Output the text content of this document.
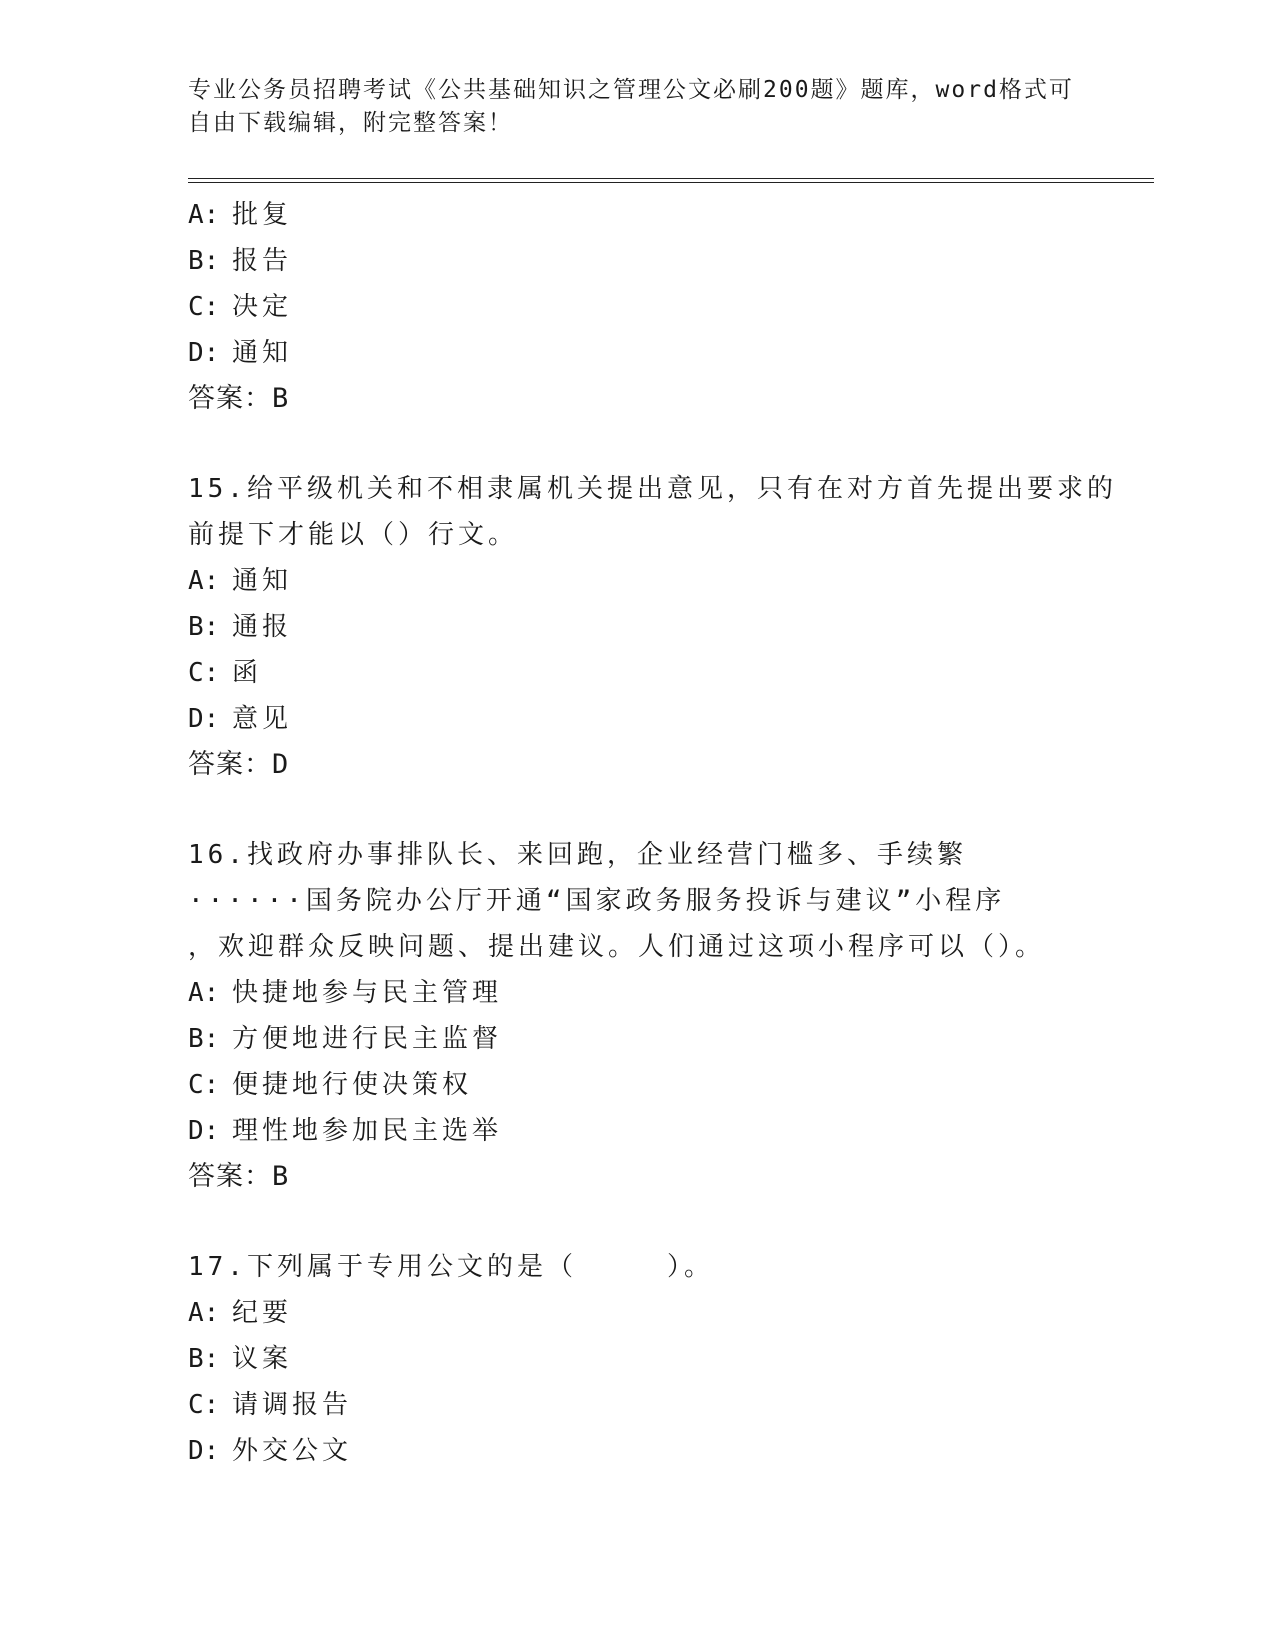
专业公务员招聘考试《公共基础知识之管理公文必刷200题》题库，word格式可
自由下载编辑，附完整答案！
A: 批复
B: 报告
C: 决定
D: 通知
答案：B
15.给平级机关和不相隶属机关提出意见，只有在对方首先提出要求的
前提下才能以（）行文。
A: 通知
B: 通报
C: 函
D: 意见
答案：D
16.找政府办事排队长、来回跑，企业经营门槛多、手续繁
······国务院办公厅开通“国家政务服务投诉与建议”小程序
，欢迎群众反映问题、提出建议。人们通过这项小程序可以（）。
A: 快捷地参与民主管理
B: 方便地进行民主监督
C: 便捷地行使决策权
D: 理性地参加民主选举
答案：B
17.下列属于专用公文的是（　　　）。
A: 纪要
B: 议案
C: 请调报告
D: 外交公文
